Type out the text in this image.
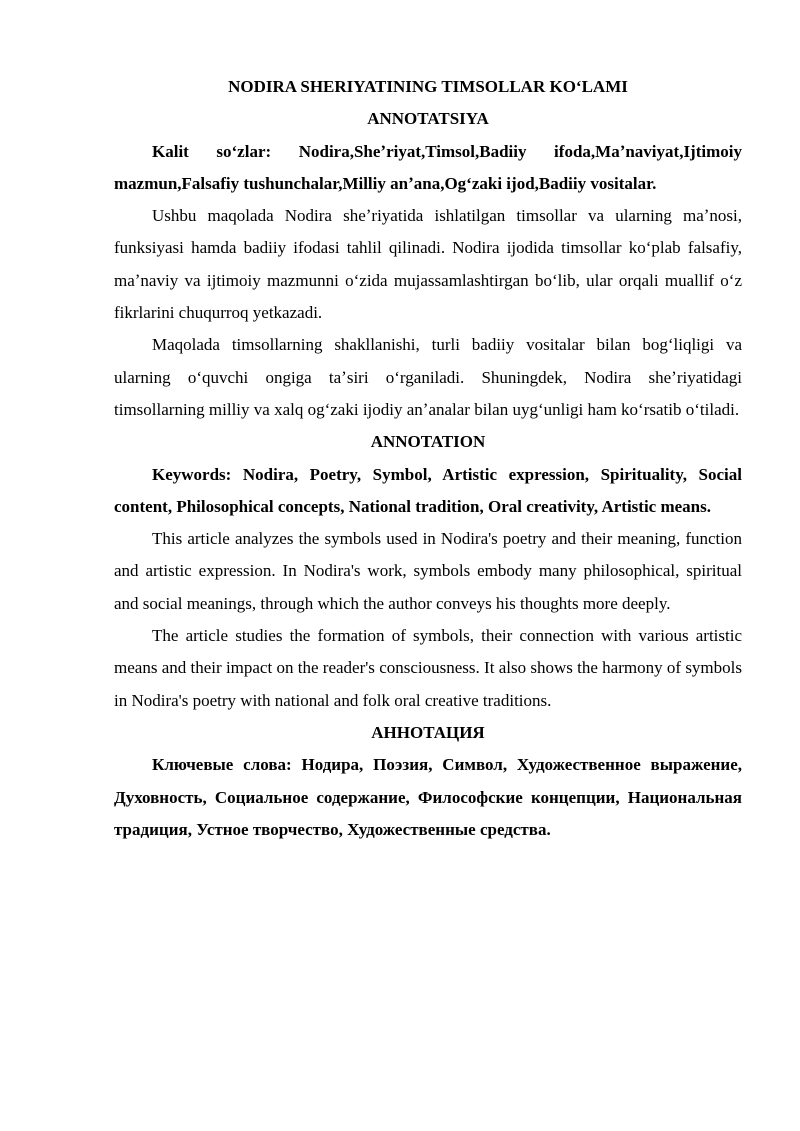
NODIRA SHERIYATINING TIMSOLLAR KOʻLAMI
ANNOTATSIYA

Kalit soʻzlar: Nodira,Sheʼriyat,Timsol,Badiiy ifoda,Maʼnaviyat,Ijtimoiy mazmun,Falsafiy tushunchalar,Milliy anʼana,Ogʻzaki ijod,Badiiy vositalar.

Ushbu maqolada Nodira sheʼriyatida ishlatilgan timsollar va ularning maʼnosi, funksiyasi hamda badiiy ifodasi tahlil qilinadi. Nodira ijodida timsollar koʻplab falsafiy, maʼnaviy va ijtimoiy mazmunni oʻzida mujassamlashtirgan boʻlib, ular orqali muallif oʻz fikrlarini chuqurroq yetkazadi.

Maqolada timsollarning shakllanishi, turli badiiy vositalar bilan bogʻliqligi va ularning oʻquvchi ongiga taʼsiri oʻrganiladi. Shuningdek, Nodira sheʼriyatidagi timsollarning milliy va xalq ogʻzaki ijodiy anʼanalar bilan uygʻunligi ham koʻrsatib oʻtiladi.

ANNOTATION

Keywords: Nodira, Poetry, Symbol, Artistic expression, Spirituality, Social content, Philosophical concepts, National tradition, Oral creativity, Artistic means.

This article analyzes the symbols used in Nodira's poetry and their meaning, function and artistic expression. In Nodira's work, symbols embody many philosophical, spiritual and social meanings, through which the author conveys his thoughts more deeply.

The article studies the formation of symbols, their connection with various artistic means and their impact on the reader's consciousness. It also shows the harmony of symbols in Nodira's poetry with national and folk oral creative traditions.

АННОТАЦИЯ

Ключевые слова: Нодира, Поэзия, Символ, Художественное выражение, Духовность, Социальное содержание, Философские концепции, Национальная традиция, Устное творчество, Художественные средства.
